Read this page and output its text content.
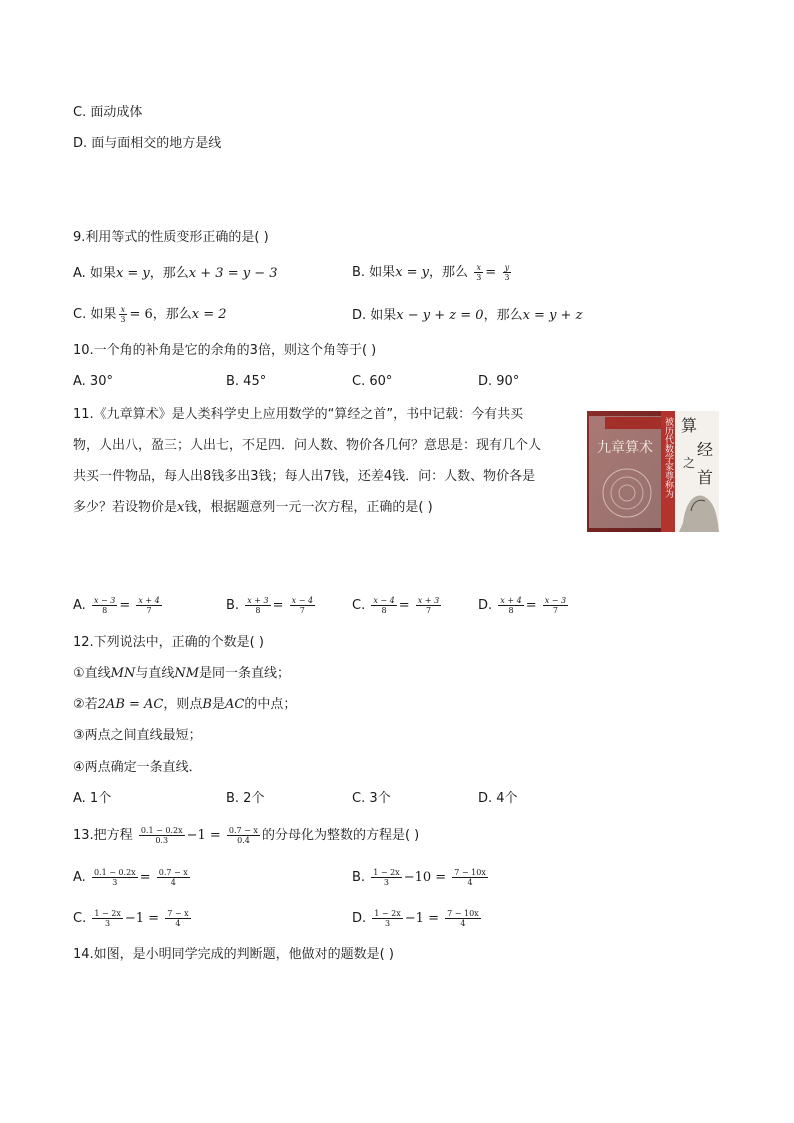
C. 面动成体
D. 面与面相交的地方是线
9.利用等式的性质变形正确的是( )
A. 如果x = y，那么x + 3 = y − 3	B. 如果x = y，那么 $\frac{x}{3} = \frac{y}{3}$
C. 如果 $\frac{x}{3} = 6$，那么x = 2	D. 如果x − y + z = 0，那么x = y + z
10.一个角的补角是它的余角的3倍，则这个角等于( )
A. 30°	B. 45°	C. 60°	D. 90°
11.《九章算术》是人类科学史上应用数学的“算经之首”，书中记载：今有共买
物，人出八，盈三；人出七，不足四．问人数、物价各几何？意思是：现有几个人
共买一件物品，每人出8钱多出3钱；每人出7钱，还差4钱．问：人数、物价各是
多少？若设物价是x钱，根据题意列一元一次方程，正确的是( )
九章算术 被历代数学家尊称为 算
经
之
首
A. $\frac{x - 3}{8} = \frac{x + 4}{7}$	B. $\frac{x + 3}{8} = \frac{x - 4}{7}$	C. $\frac{x - 4}{8} = \frac{x + 3}{7}$	D. $\frac{x + 4}{8} = \frac{x - 3}{7}$
12.下列说法中，正确的个数是( )
①直线MN与直线NM是同一条直线；
②若2AB = AC，则点B是AC的中点；
③两点之间直线最短；
④两点确定一条直线．
A. 1个	B. 2个	C. 3个	D. 4个
13.把方程 $\frac{0.1 - 0.2x}{0.3} -1 = \frac{0.7 - x}{0.4}$ 的分母化为整数的方程是( )
A. $\frac{0.1 - 0.2x}{3} = \frac{0.7 - x}{4}$	B. $\frac{1 - 2x}{3} -10 = \frac{7 - 10x}{4}$
C. $\frac{1 - 2x}{3} -1 = \frac{7 - x}{4}$	D. $\frac{1 - 2x}{3} -1 = \frac{7 - 10x}{4}$
14.如图，是小明同学完成的判断题，他做对的题数是( )
